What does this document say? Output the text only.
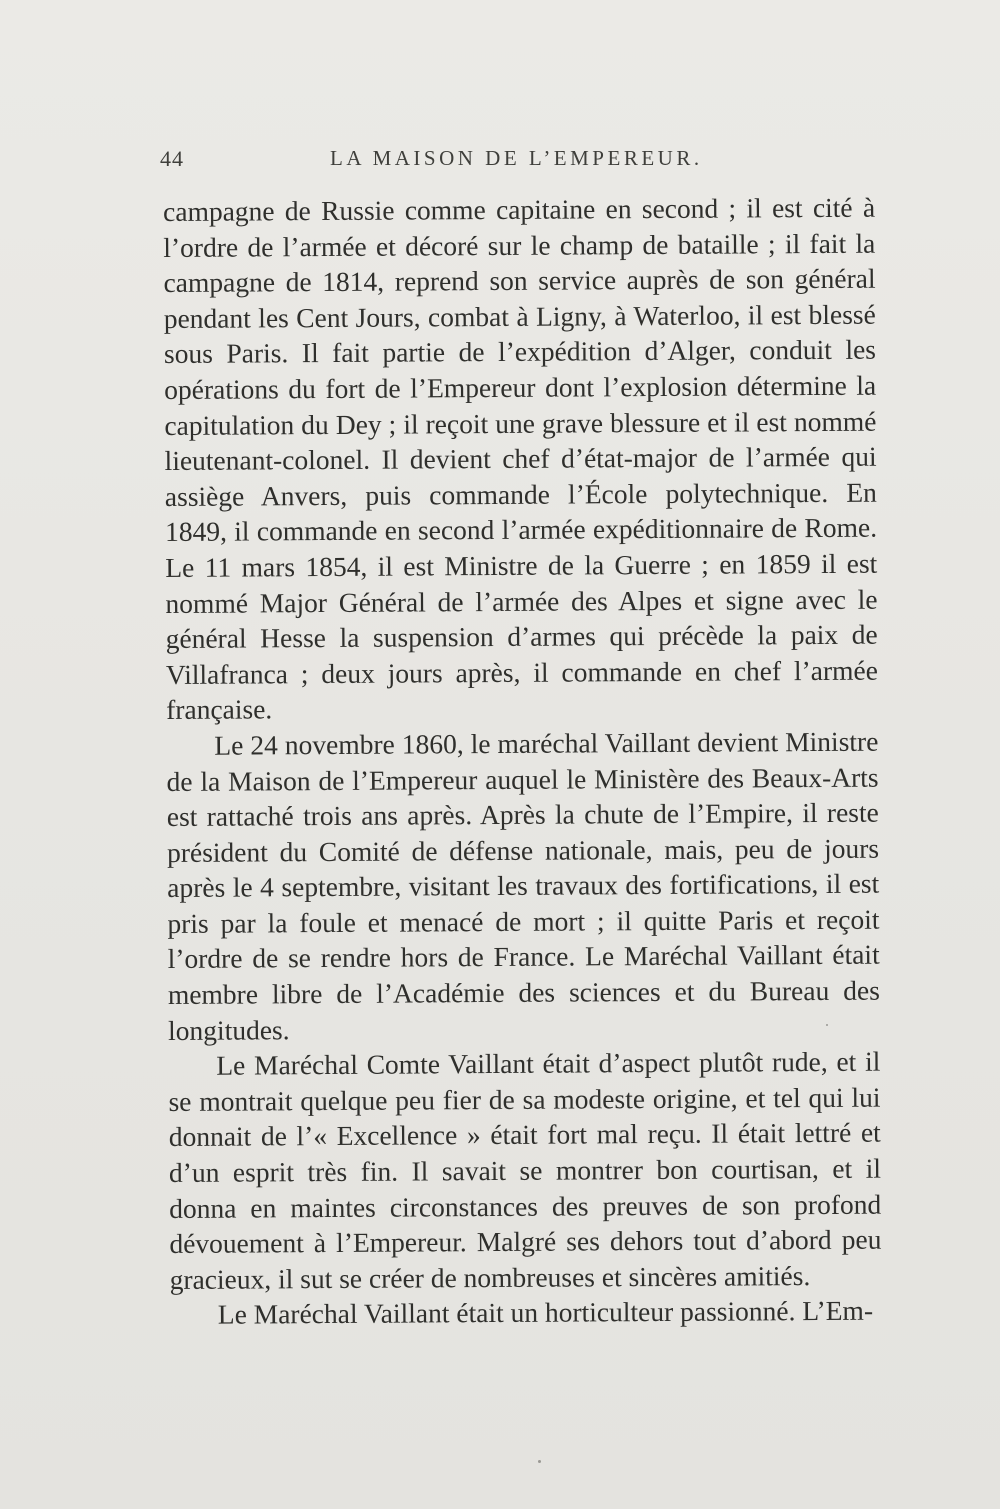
44	LA MAISON DE L’EMPEREUR.

campagne de Russie comme capitaine en second ; il est cité à l’ordre de l’armée et décoré sur le champ de bataille ; il fait la campagne de 1814, reprend son service auprès de son général pendant les Cent Jours, combat à Ligny, à Waterloo, il est blessé sous Paris. Il fait partie de l’expédition d’Alger, conduit les opérations du fort de l’Empereur dont l’explosion détermine la capitulation du Dey ; il reçoit une grave blessure et il est nommé lieutenant-colonel. Il devient chef d’état-major de l’armée qui assiège Anvers, puis commande l’École polytechnique. En 1849, il commande en second l’armée expéditionnaire de Rome. Le 11 mars 1854, il est Ministre de la Guerre ; en 1859 il est nommé Major Général de l’armée des Alpes et signe avec le général Hesse la suspension d’armes qui précède la paix de Villafranca ; deux jours après, il commande en chef l’armée française.

Le 24 novembre 1860, le maréchal Vaillant devient Ministre de la Maison de l’Empereur auquel le Ministère des Beaux-Arts est rattaché trois ans après. Après la chute de l’Empire, il reste président du Comité de défense nationale, mais, peu de jours après le 4 septembre, visitant les travaux des fortifications, il est pris par la foule et menacé de mort ; il quitte Paris et reçoit l’ordre de se rendre hors de France. Le Maréchal Vaillant était membre libre de l’Académie des sciences et du Bureau des longitudes.

Le Maréchal Comte Vaillant était d’aspect plutôt rude, et il se montrait quelque peu fier de sa modeste origine, et tel qui lui donnait de l’« Excellence » était fort mal reçu. Il était lettré et d’un esprit très fin. Il savait se montrer bon courtisan, et il donna en maintes circonstances des preuves de son profond dévouement à l’Empereur. Malgré ses dehors tout d’abord peu gracieux, il sut se créer de nombreuses et sincères amitiés.

Le Maréchal Vaillant était un horticulteur passionné. L’Em-
